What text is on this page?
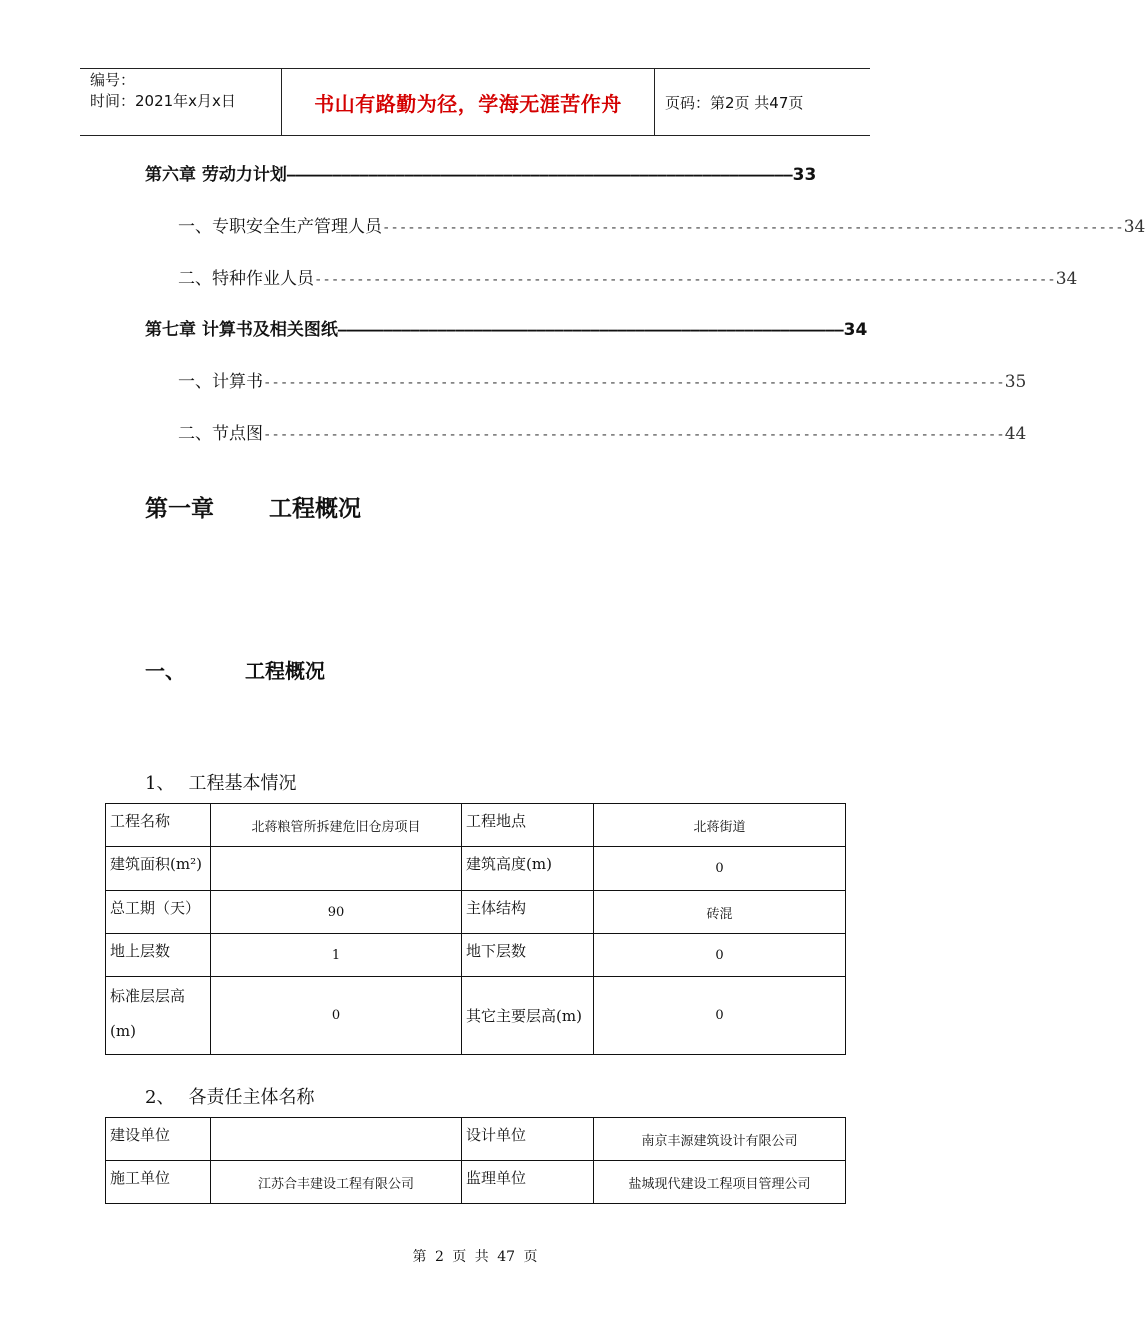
编号：
时间：2021年x月x日	书山有路勤为径，学海无涯苦作舟	页码：第2页 共47页
第六章 劳动力计划 ———————————————————————————————————————————————————————— 33
一、 专职安全生产管理人员 ---------------------------------------------------------------------------------------- 34
二、 特种作业人员 ---------------------------------------------------------------------------------------- 34
第七章 计算书及相关图纸 ———————————————————————————————————————————————————————— 34
一、 计算书 ---------------------------------------------------------------------------------------- 35
二、 节点图 ---------------------------------------------------------------------------------------- 44
第一章 工程概况
一、	工程概况
1、 工程基本情况
工程名称	北蒋粮管所拆建危旧仓房项目	工程地点	北蒋街道
建筑面积(m²)		建筑高度(m)	0
总工期（天）	90	主体结构	砖混
地上层数	1	地下层数	0

标准层层高
(m)	0	其它主要层高(m)	0
2、 各责任主体名称
建设单位		设计单位	南京丰源建筑设计有限公司
施工单位	江苏合丰建设工程有限公司	监理单位	盐城现代建设工程项目管理公司
第 2 页 共 47 页
